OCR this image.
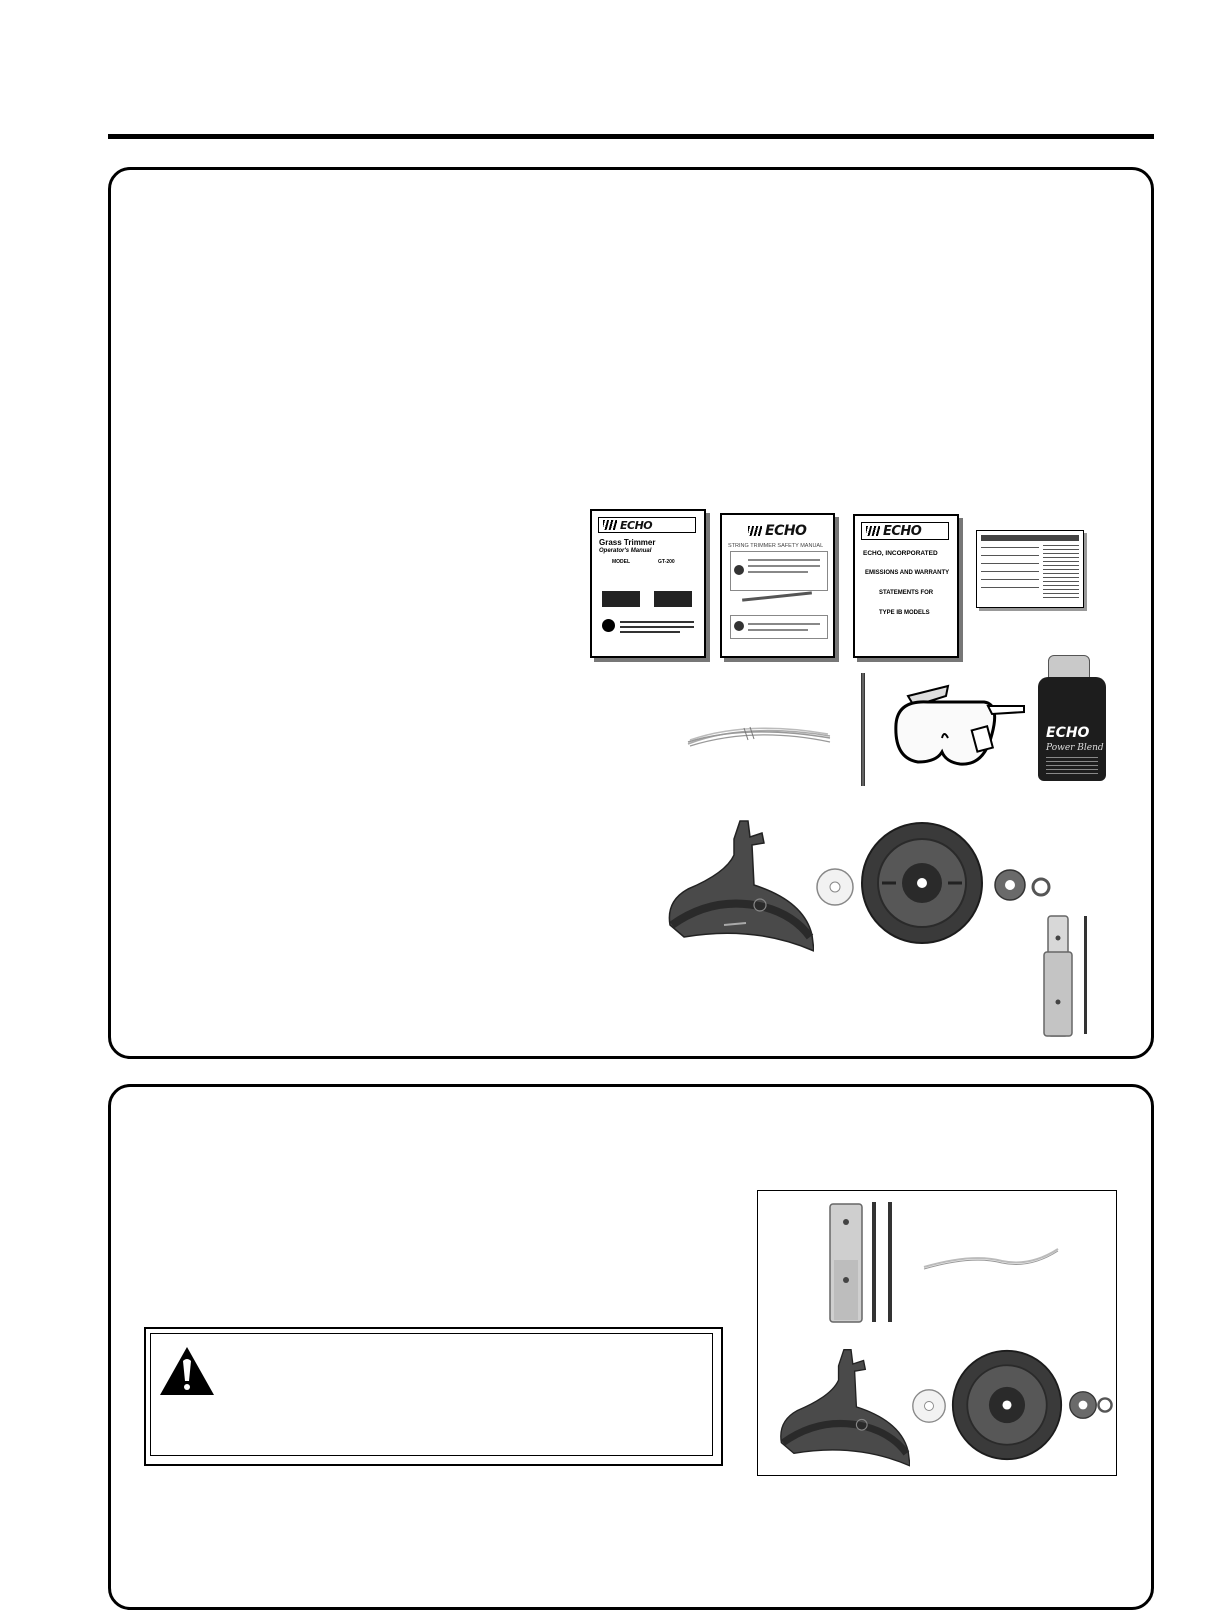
ECHO
Grass Trimmer
Operator's Manual
MODEL	GT-200
ECHO
STRING TRIMMER SAFETY MANUAL
ECHO
ECHO, INCORPORATED
EMISSIONS AND WARRANTY
STATEMENTS FOR
TYPE IB MODELS
ECHO
Power Blend
